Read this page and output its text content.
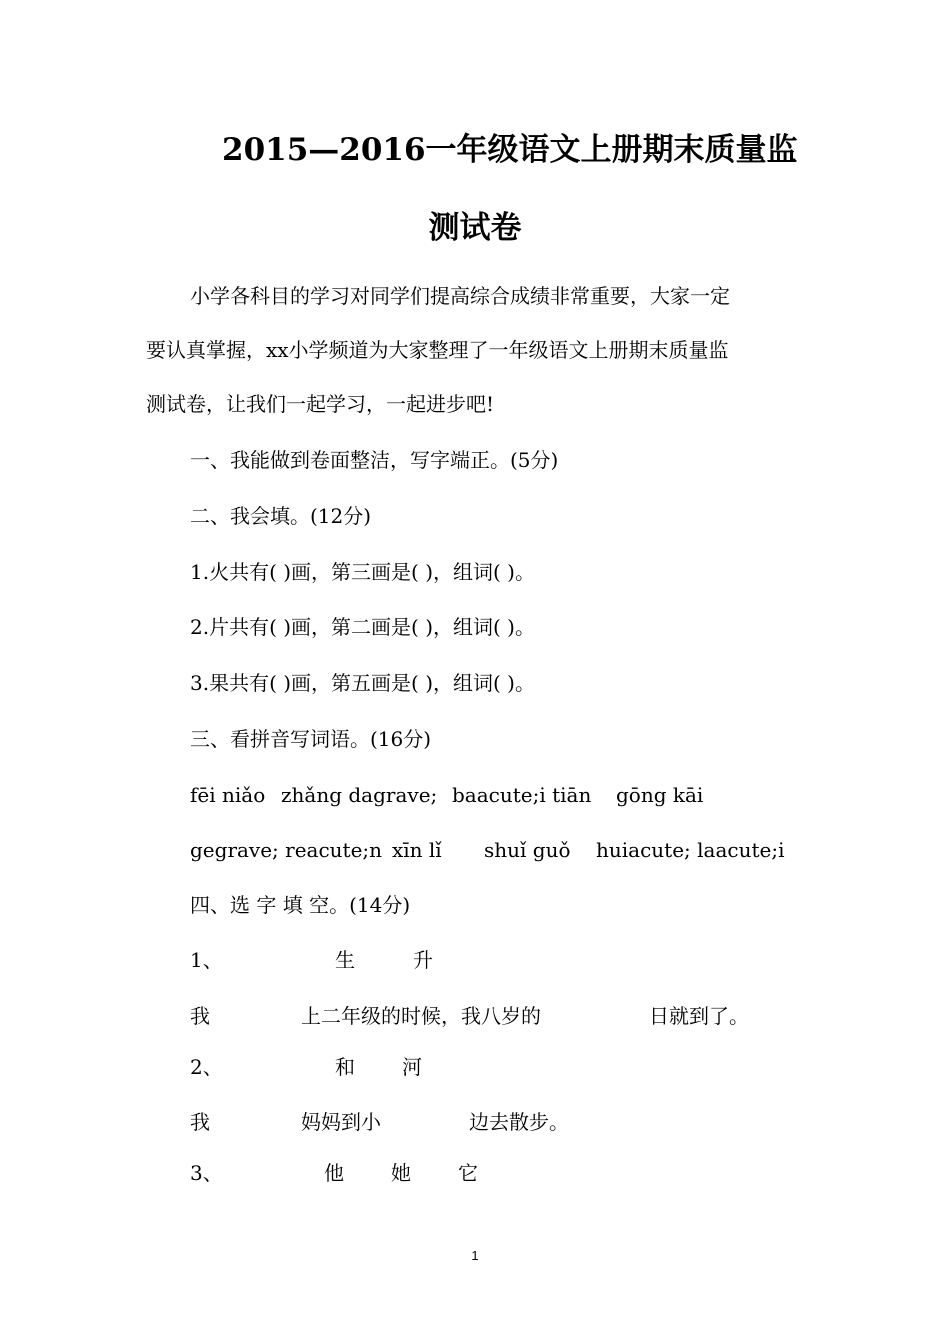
2015—2016一年级语文上册期末质量监
测试卷
小学各科目的学习对同学们提高综合成绩非常重要，大家一定
要认真掌握，xx小学频道为大家整理了一年级语文上册期末质量监
测试卷，让我们一起学习，一起进步吧!
一、我能做到卷面整洁，写字端正。(5分)
二、我会填。(12分)
1.火共有( )画，第三画是( )，组词( )。
2.片共有( )画，第二画是( )，组词( )。
3.果共有( )画，第五画是( )，组词( )。
三、看拼音写词语。(16分)
fēi niǎo zhǎng dagrave; baacute;i tiān gōng kāi
gegrave; reacute;n xīn lǐ shuǐ guǒ huiacute; laacute;i
四、选 字 填 空。(14分)
1、	生	升
我	上二年级的时候，我八岁的	日就到了。
2、	和 河
我	妈妈到小	边去散步。
3、	他 她 它
1
